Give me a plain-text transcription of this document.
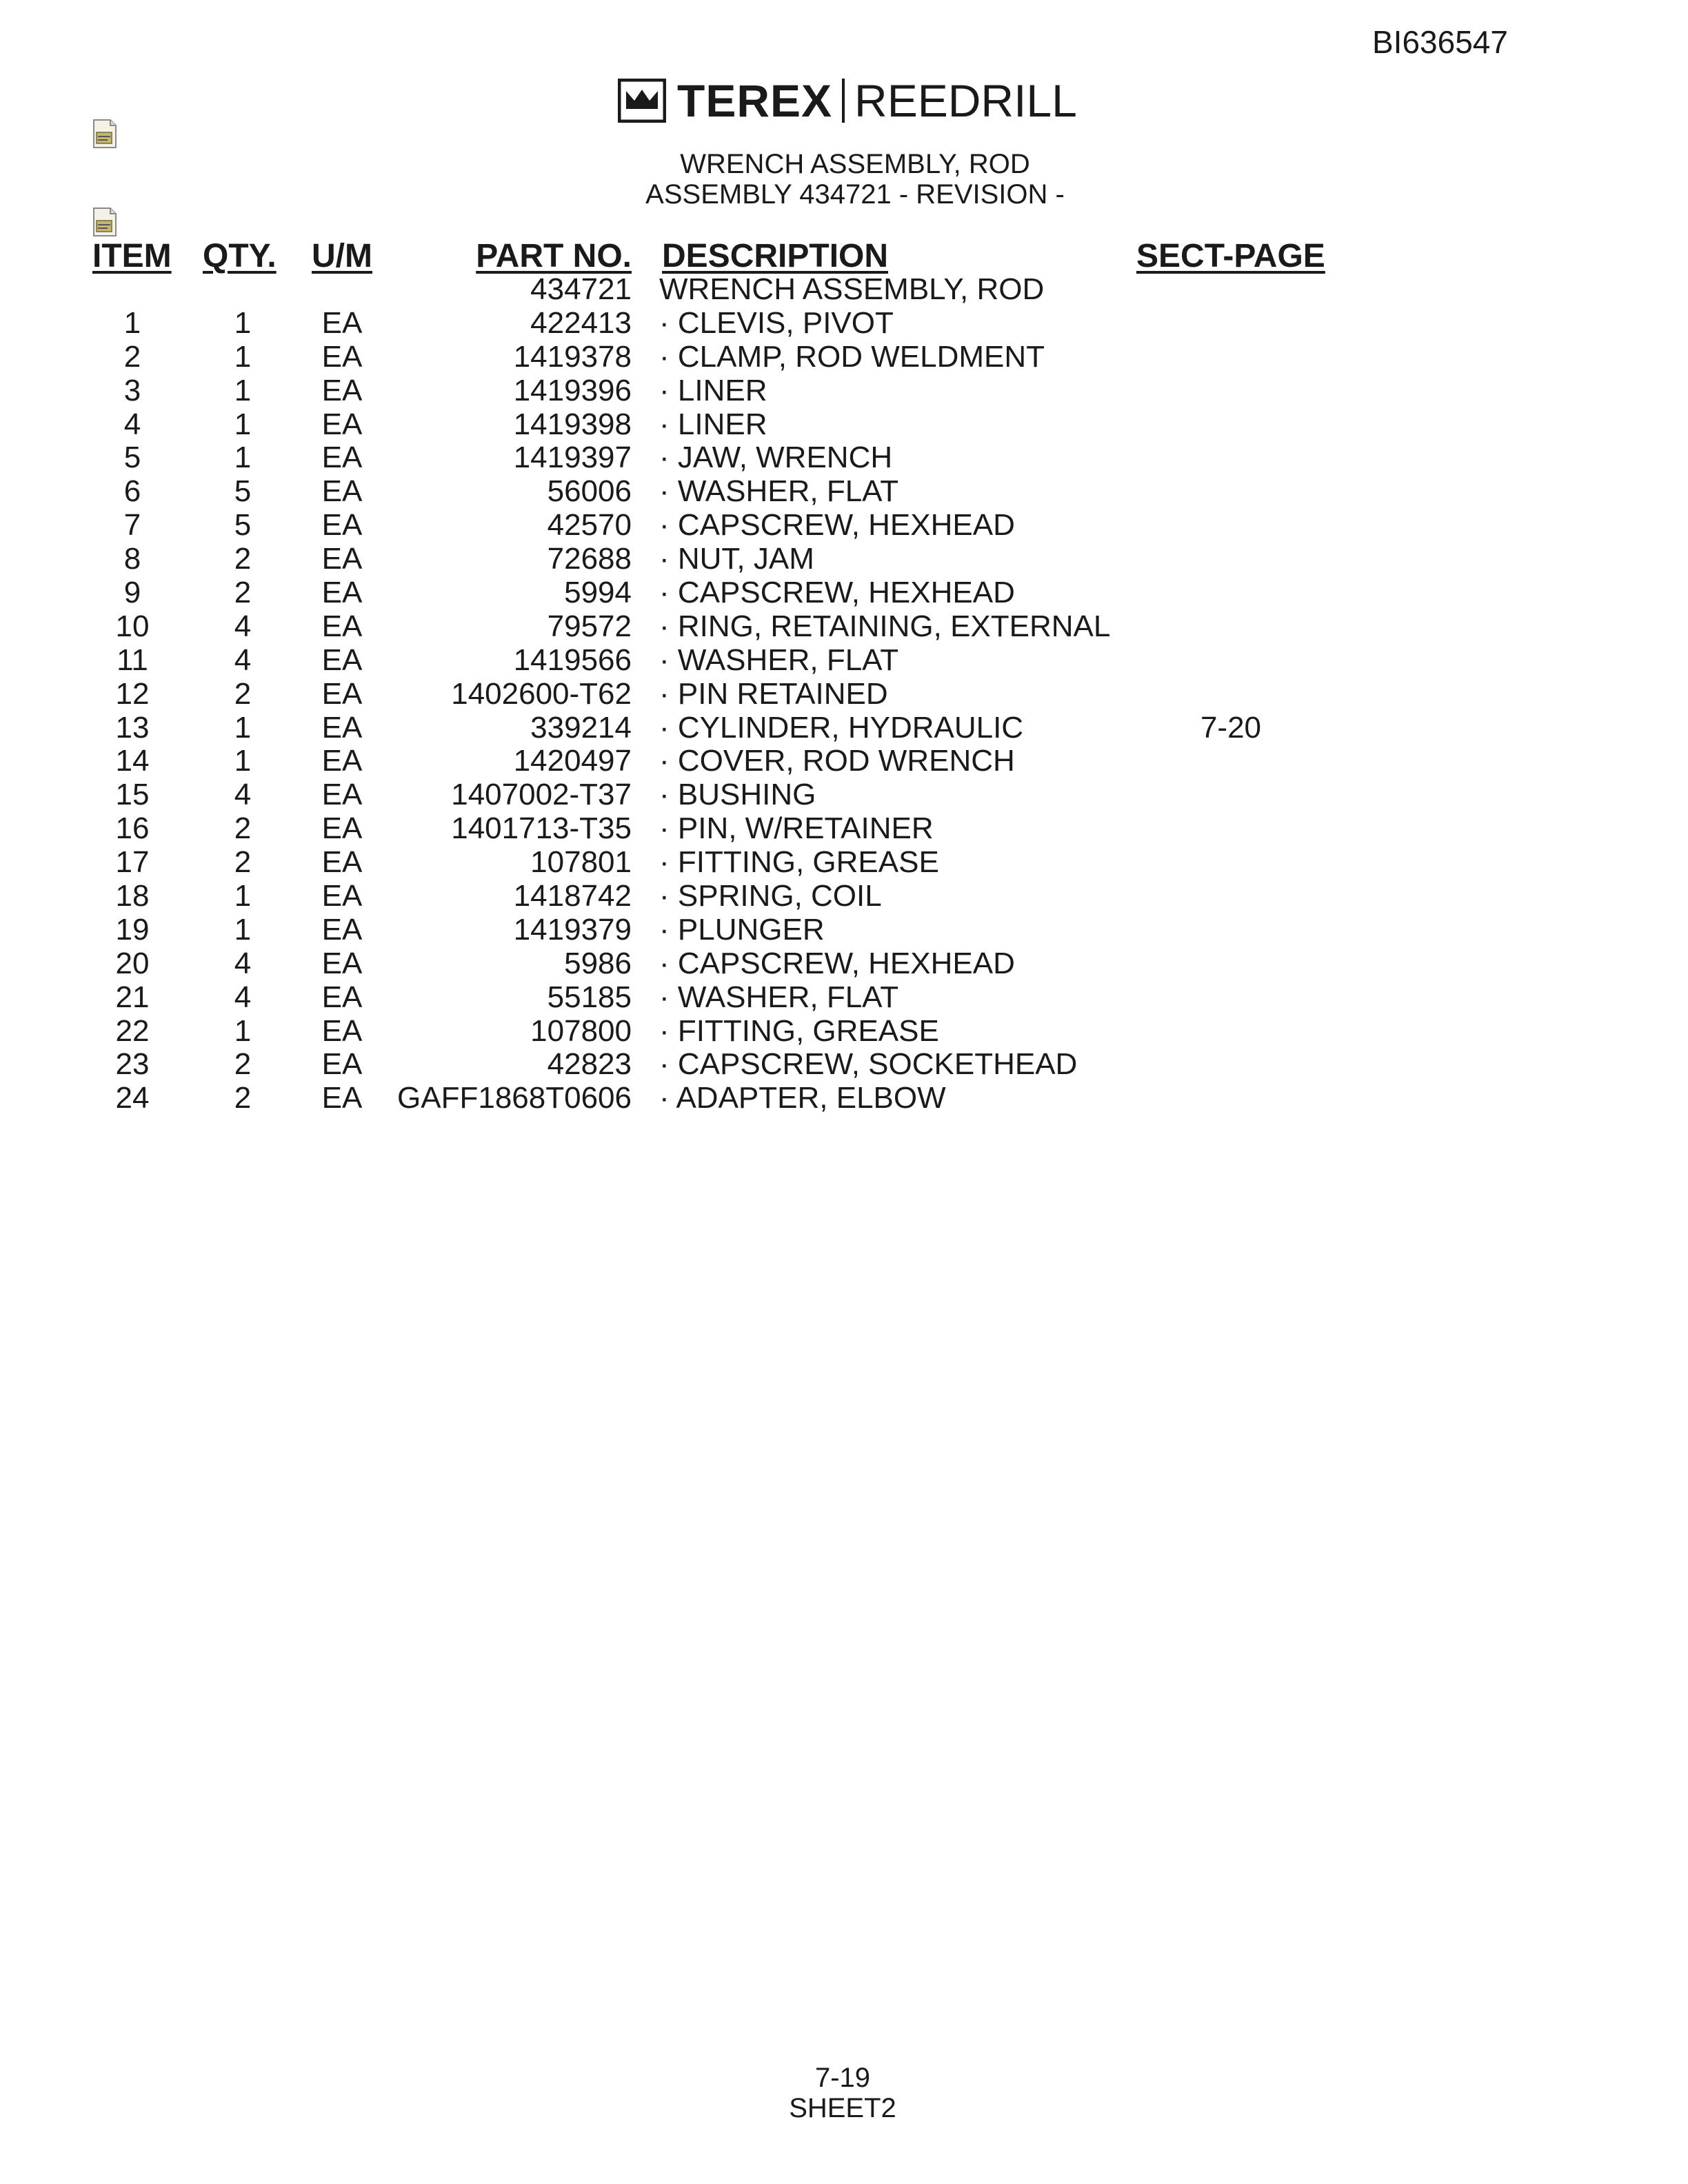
BI636547
TEREX REEDRILL
WRENCH ASSEMBLY, ROD
ASSEMBLY 434721 - REVISION -
ITEM QTY. U/M	PART NO. DESCRIPTION	SECT-PAGE
434721 WRENCH ASSEMBLY, ROD
1	1	EA	422413 · CLEVIS, PIVOT
2	1	EA	1419378 · CLAMP, ROD WELDMENT
3	1	EA	1419396 · LINER
4	1	EA	1419398 · LINER
5	1	EA	1419397 · JAW, WRENCH
6	5	EA	56006 · WASHER, FLAT
7	5	EA	42570 · CAPSCREW, HEXHEAD
8	2	EA	72688 · NUT, JAM
9	2	EA	5994 · CAPSCREW, HEXHEAD
10	4	EA	79572 · RING, RETAINING, EXTERNAL
11	4	EA	1419566 · WASHER, FLAT
12	2	EA	1402600-T62 · PIN RETAINED
13	1	EA	339214 · CYLINDER, HYDRAULIC	7-20
14	1	EA	1420497 · COVER, ROD WRENCH
15	4	EA	1407002-T37 · BUSHING
16	2	EA	1401713-T35 · PIN, W/RETAINER
17	2	EA	107801 · FITTING, GREASE
18	1	EA	1418742 · SPRING, COIL
19	1	EA	1419379 · PLUNGER
20	4	EA	5986 · CAPSCREW, HEXHEAD
21	4	EA	55185 · WASHER, FLAT
22	1	EA	107800 · FITTING, GREASE
23	2	EA	42823 · CAPSCREW, SOCKETHEAD
24	2	EA	GAFF1868T0606 · ADAPTER, ELBOW
7-19
SHEET2
